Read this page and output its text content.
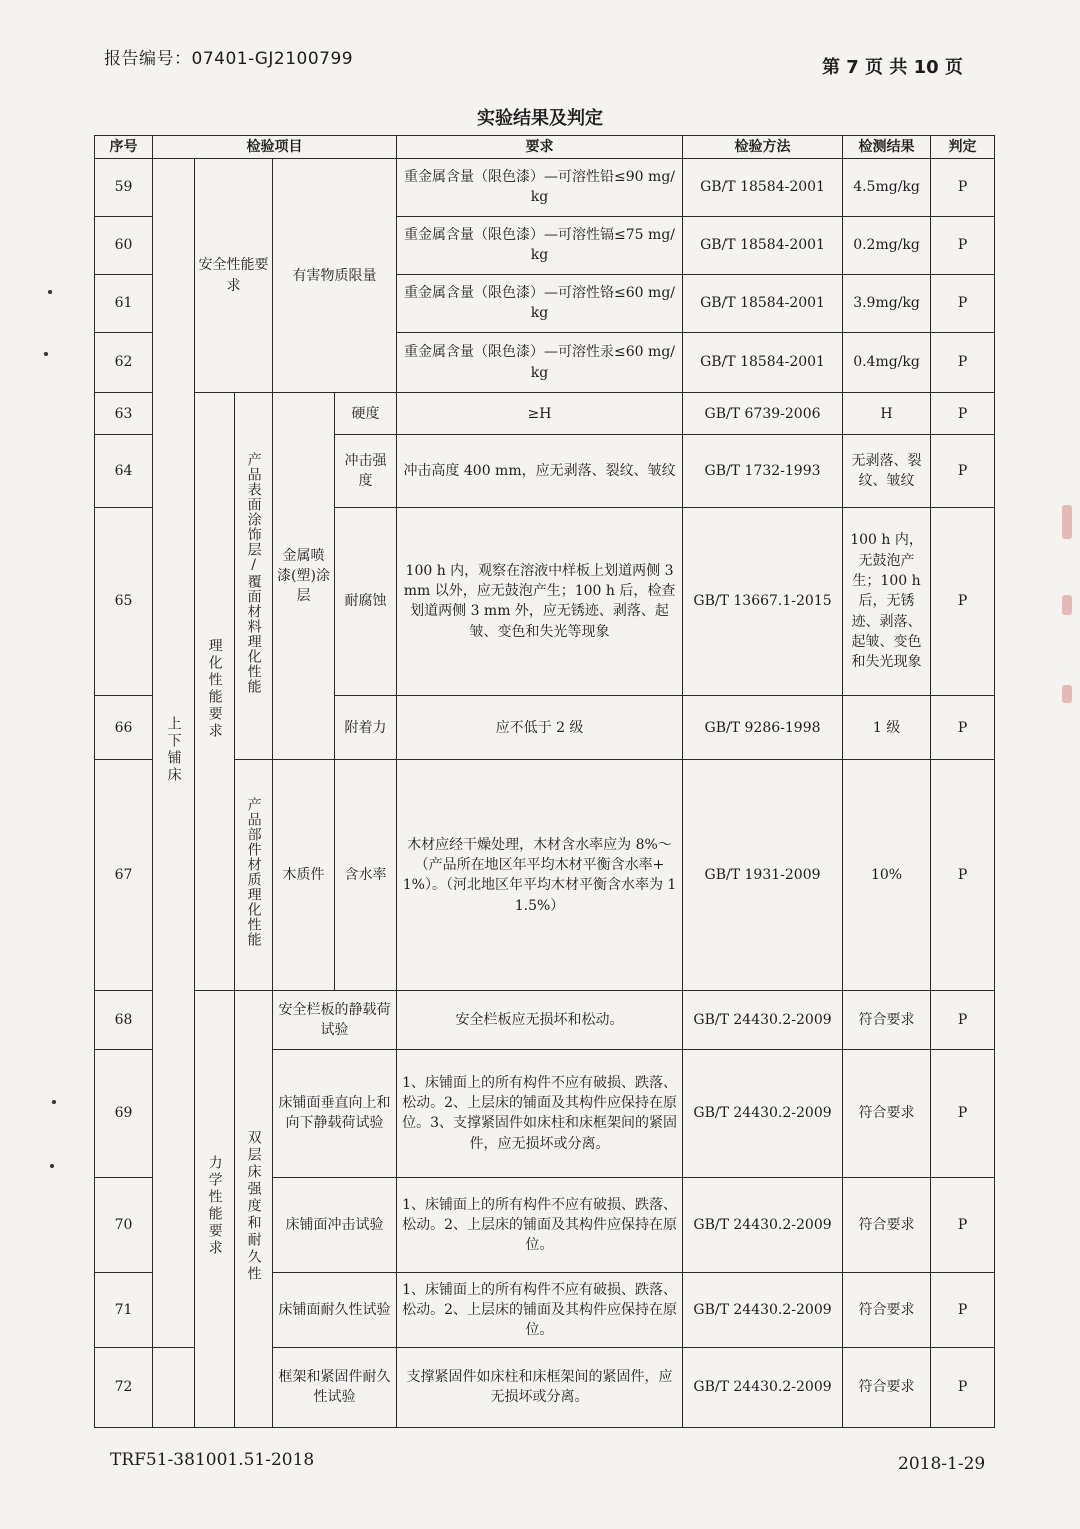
报告编号：07401-GJ2100799	第 7 页 共 10 页
实验结果及判定
序号	检验项目					要求	检验方法	检测结果	判定
59	上下铺床	安全性能要求		有害物质限量		重金属含量（限色漆）—可溶性铅≤90 mg/kg	GB/T 18584-2001	4.5mg/kg	P
60						重金属含量（限色漆）—可溶性镉≤75 mg/kg	GB/T 18584-2001	0.2mg/kg	P
61						重金属含量（限色漆）—可溶性铬≤60 mg/kg	GB/T 18584-2001	3.9mg/kg	P
62						重金属含量（限色漆）—可溶性汞≤60 mg/kg	GB/T 18584-2001	0.4mg/kg	P
63		理化性能要求	产品表面涂饰层/覆面材料理化性能	金属喷漆(塑)涂层	硬度	≥H	GB/T 6739-2006	H	P
64					冲击强度	冲击高度 400 mm，应无剥落、裂纹、皱纹	GB/T 1732-1993	无剥落、裂纹、皱纹	P
65					耐腐蚀	100 h 内，观察在溶液中样板上划道两侧 3 mm 以外，应无鼓泡产生；100 h 后，检查划道两侧 3 mm 外，应无锈迹、剥落、起皱、变色和失光等现象	GB/T 13667.1-2015	100 h 内，无鼓泡产生；100 h 后，无锈迹、剥落、起皱、变色和失光现象	P
66					附着力	应不低于 2 级	GB/T 9286-1998	1 级	P
67			产品部件材质理化性能	木质件	含水率	木材应经干燥处理，木材含水率应为 8%～（产品所在地区年平均木材平衡含水率+1%）。（河北地区年平均木材平衡含水率为 11.5%）	GB/T 1931-2009	10%	P
68		力学性能要求	双层床强度和耐久性	安全栏板的静载荷试验		安全栏板应无损坏和松动。	GB/T 24430.2-2009	符合要求	P
69				床铺面垂直向上和向下静载荷试验		1、床铺面上的所有构件不应有破损、跌落、松动。2、上层床的铺面及其构件应保持在原位。3、支撑紧固件如床柱和床框架间的紧固件，应无损坏或分离。	GB/T 24430.2-2009	符合要求	P
70				床铺面冲击试验		1、床铺面上的所有构件不应有破损、跌落、松动。2、上层床的铺面及其构件应保持在原位。	GB/T 24430.2-2009	符合要求	P
71				床铺面耐久性试验		1、床铺面上的所有构件不应有破损、跌落、松动。2、上层床的铺面及其构件应保持在原位。	GB/T 24430.2-2009	符合要求	P
72				框架和紧固件耐久性试验		支撑紧固件如床柱和床框架间的紧固件，应无损坏或分离。	GB/T 24430.2-2009	符合要求	P
TRF51-381001.51-2018	2018-1-29
